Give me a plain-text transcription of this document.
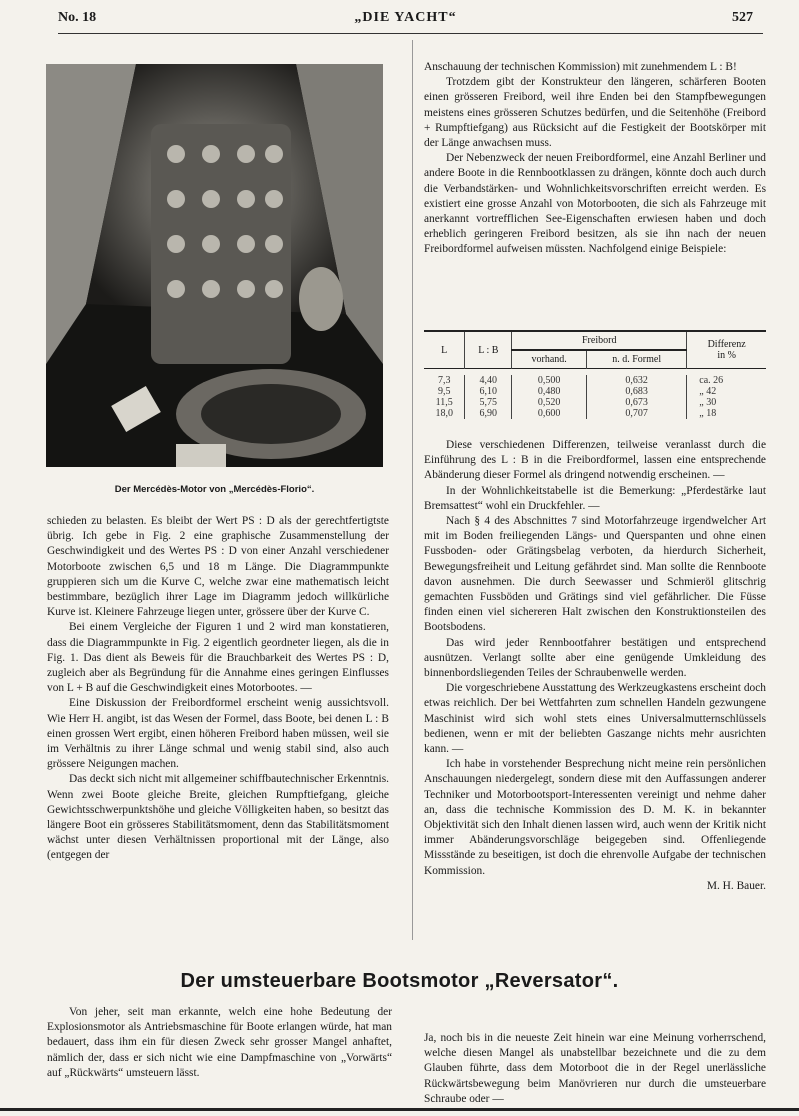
No. 18	„DIE YACHT“	527
Der Mercédès-Motor von „Mercédès-Florio“.

schieden zu belasten. Es bleibt der Wert PS : D als der gerechtfertigtste übrig. Ich gebe in Fig. 2 eine graphische Zusammenstellung der Geschwindigkeit und des Wertes PS : D von einer Anzahl verschiedener Motorboote zwischen 6,5 und 18 m Länge. Die Diagrammpunkte gruppieren sich um die Kurve C, welche zwar eine mathematisch leicht bestimmbare, bezüglich ihrer Lage im Diagramm jedoch willkürliche Kurve ist. Kleinere Fahrzeuge liegen unter, grössere über der Kurve C.

Bei einem Vergleiche der Figuren 1 und 2 wird man konstatieren, dass die Diagrammpunkte in Fig. 2 eigentlich geordneter liegen, als die in Fig. 1. Das dient als Beweis für die Brauchbarkeit des Wertes PS : D, zugleich aber als Begründung für die Annahme eines geringen Einflusses von L + B auf die Geschwindigkeit eines Motorbootes. —

Eine Diskussion der Freibordformel erscheint wenig aussichtsvoll. Wie Herr H. angibt, ist das Wesen der Formel, dass Boote, bei denen L : B einen grossen Wert ergibt, einen höheren Freibord haben müssen, weil sie im Verhältnis zu ihrer Länge schmal und wenig stabil sind, also auch grössere Neigungen machen.

Das deckt sich nicht mit allgemeiner schiffbautechnischer Erkenntnis. Wenn zwei Boote gleiche Breite, gleichen Rumpftiefgang, gleiche Gewichtsschwerpunktshöhe und gleiche Völligkeiten haben, so besitzt das längere Boot ein grösseres Stabilitätsmoment, denn das Stabilitätsmoment wächst unter diesen Verhältnissen proportional mit der Länge, also (entgegen der

Anschauung der technischen Kommission) mit zunehmendem L : B!

Trotzdem gibt der Konstrukteur den längeren, schärferen Booten einen grösseren Freibord, weil ihre Enden bei den Stampfbewegungen meistens eines grösseren Schutzes bedürfen, und die Seitenhöhe (Freibord + Rumpftiefgang) aus Rücksicht auf die Festigkeit der Bootskörper mit der Länge anwachsen muss.

Der Nebenzweck der neuen Freibordformel, eine Anzahl Berliner und andere Boote in die Rennbootklassen zu drängen, könnte doch auch durch die Verbandstärken- und Wohnlichkeitsvorschriften erreicht werden. Es existiert eine grosse Anzahl von Motorbooten, die sich als Fahrzeuge mit anerkannt vortrefflichen See-Eigenschaften erwiesen haben und doch erheblich geringeren Freibord besitzen, als sie ihn nach der neuen Freibordformel aufweisen müssten. Nachfolgend einige Beispiele:

L	L : B	Freibord		Differenz
in %
		vorhand.	n. d. Formel	

7,3	4,40	0,500	0,632	ca. 26
9,5	6,10	0,480	0,683	„ 42
11,5	5,75	0,520	0,673	„ 30
18,0	6,90	0,600	0,707	„ 18

Diese verschiedenen Differenzen, teilweise veranlasst durch die Einführung des L : B in die Freibordformel, lassen eine entsprechende Abänderung dieser Formel als dringend notwendig erscheinen. —

In der Wohnlichkeitstabelle ist die Bemerkung: „Pferdestärke laut Bremsattest“ wohl ein Druckfehler. —

Nach § 4 des Abschnittes 7 sind Motorfahrzeuge irgendwelcher Art mit im Boden freiliegenden Längs- und Querspanten und ohne einen Fussboden- oder Grätingsbelag verboten, da hierdurch Sicherheit, Bewegungsfreiheit und Leitung gefährdet sind. Man sollte die Rennboote davon ausnehmen. Die durch Seewasser und Schmieröl glitschrig gemachten Fussböden und Grätings sind viel gefährlicher. Die Füsse finden einen viel sichereren Halt zwischen den Konstruktionsteilen des Bootsbodens.

Das wird jeder Rennbootfahrer bestätigen und entsprechend ausnützen. Verlangt sollte aber eine genügende Umkleidung des binnenbordsliegenden Teiles der Schraubenwelle werden.

Die vorgeschriebene Ausstattung des Werkzeugkastens erscheint doch etwas reichlich. Der bei Wettfahrten zum schnellen Handeln gezwungene Maschinist wird sich wohl stets eines Universalmutternschlüssels bedienen, wenn er mit der beliebten Gaszange nichts mehr ausrichten kann. —

Ich habe in vorstehender Besprechung nicht meine rein persönlichen Anschauungen niedergelegt, sondern diese mit den Auffassungen anderer Techniker und Motorbootsport-Interessenten vereinigt und nehme daher an, dass die technische Kommission des D. M. K. in bekannter Objektivität sich den Inhalt dienen lassen wird, auch wenn der Kritik nicht immer Abänderungsvorschläge beigegeben sind. Offenliegende Missstände zu beseitigen, ist doch die ehrenvolle Aufgabe der technischen Kommission.

M. H. Bauer.

Der umsteuerbare Bootsmotor „Reversator“.

Von jeher, seit man erkannte, welch eine hohe Bedeutung der Explosionsmotor als Antriebsmaschine für Boote erlangen würde, hat man bedauert, dass ihm ein für diesen Zweck sehr grosser Mangel anhaftet, nämlich der, dass er sich nicht wie eine Dampfmaschine von „Vorwärts“ auf „Rückwärts“ umsteuern lässt.

Ja, noch bis in die neueste Zeit hinein war eine Meinung vorherrschend, welche diesen Mangel als unabstellbar bezeichnete und die zu dem Glauben führte, dass dem Motorboot die in der Regel unerlässliche Rückwärtsbewegung beim Manövrieren nur durch die umsteuerbare Schraube oder —
